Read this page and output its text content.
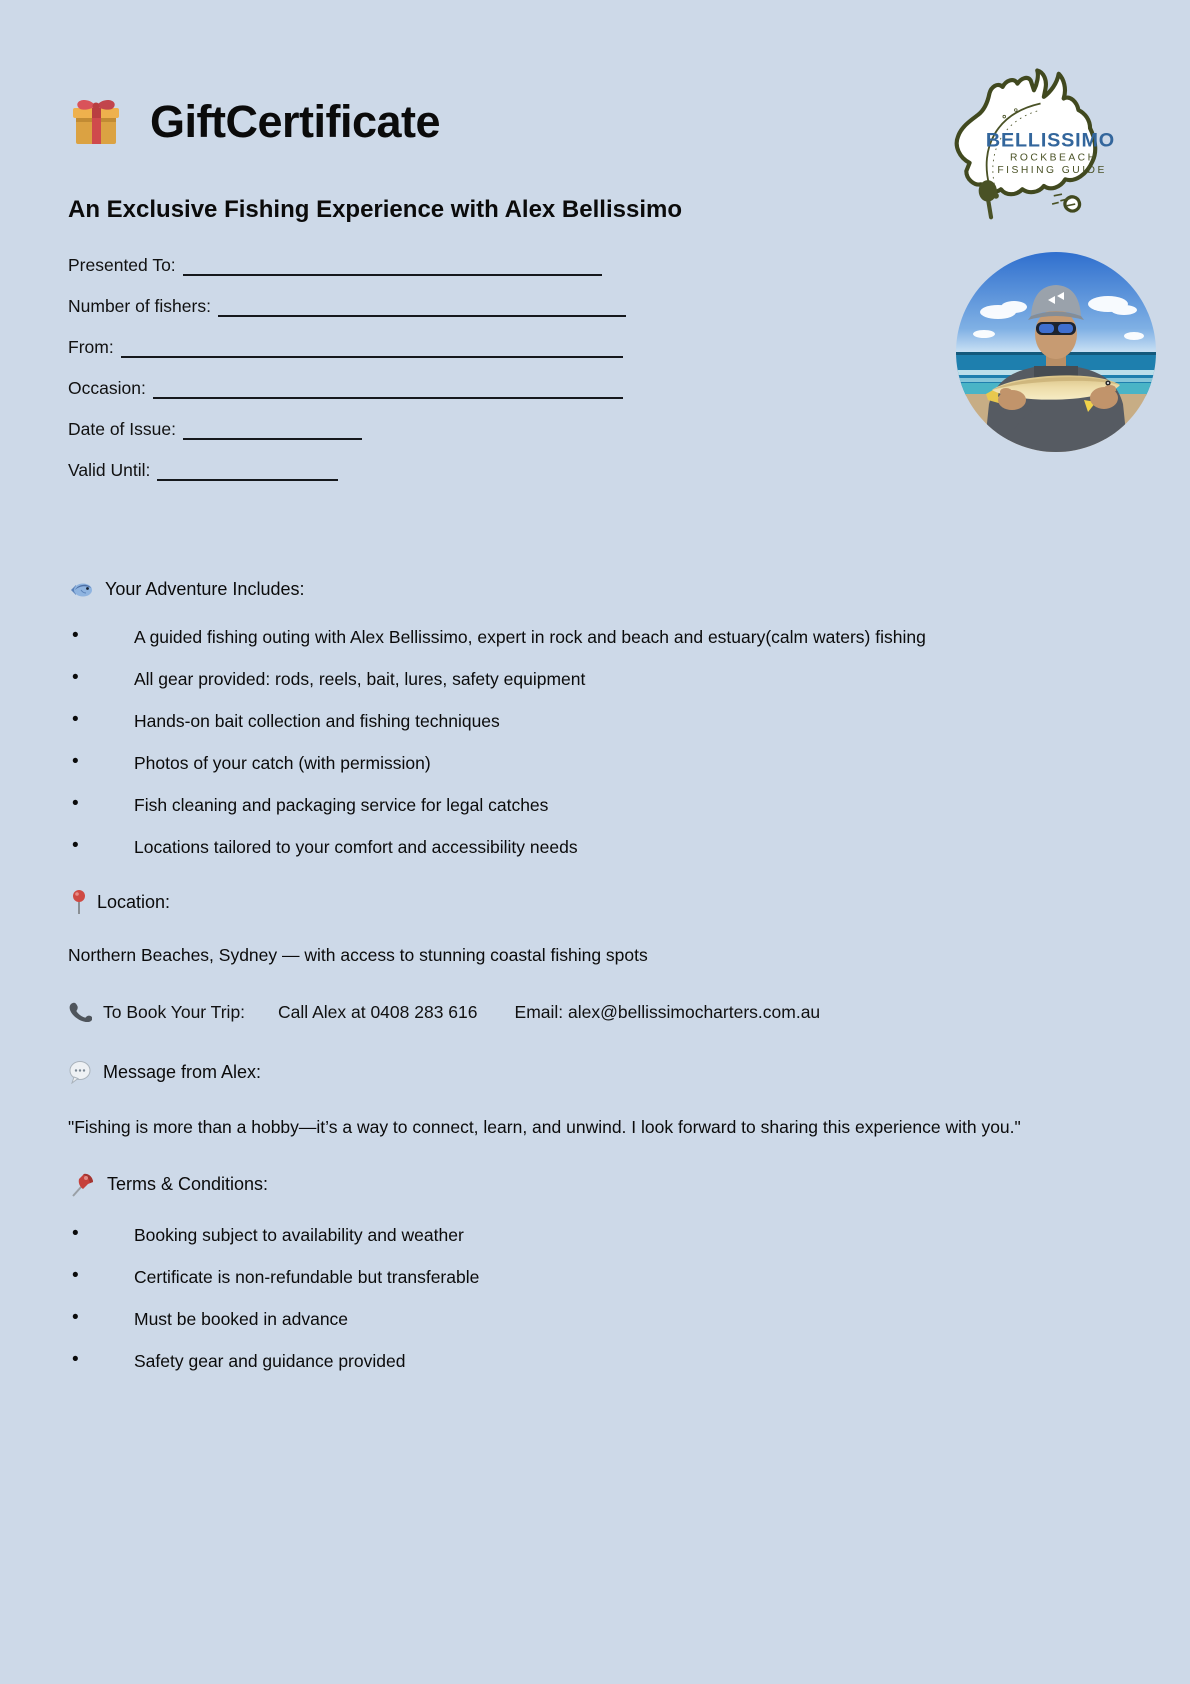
BELLISSIMO
ROCKBEACH
FISHING GUIDE
GiftCertificate
An Exclusive Fishing Experience with Alex Bellissimo
Presented To:
Number of fishers:
From:
Occasion:
Date of Issue:
Valid Until:
Your Adventure Includes:
• A guided fishing outing with Alex Bellissimo, expert in rock and beach and estuary(calm waters) fishing
• All gear provided: rods, reels, bait, lures, safety equipment
• Hands-on bait collection and fishing techniques
• Photos of your catch (with permission)
• Fish cleaning and packaging service for legal catches
• Locations tailored to your comfort and accessibility needs
Location:

Northern Beaches, Sydney — with access to stunning coastal fishing spots

To Book Your Trip: Call Alex at 0408 283 616 Email: alex@bellissimocharters.com.au
Message from Alex:

"Fishing is more than a hobby—it’s a way to connect, learn, and unwind. I look forward to sharing this experience with you."

Terms & Conditions:
• Booking subject to availability and weather
• Certificate is non-refundable but transferable
• Must be booked in advance
• Safety gear and guidance provided
